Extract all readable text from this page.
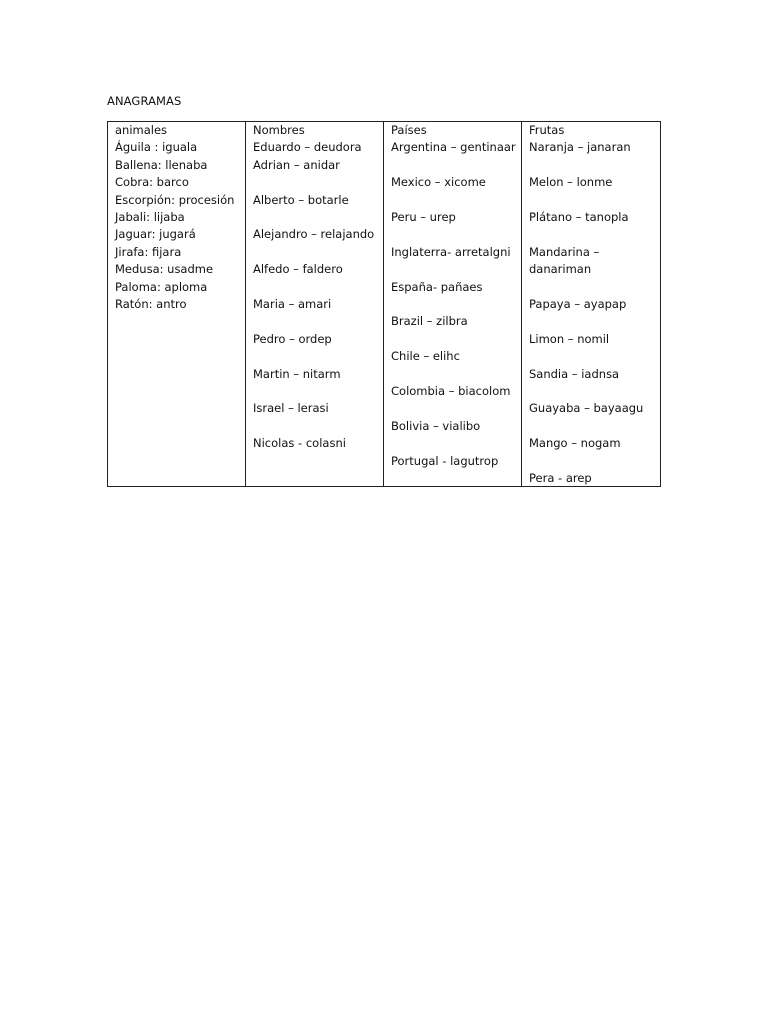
ANAGRAMAS
animales
Águila : iguala
Ballena: llenaba
Cobra: barco
Escorpión: procesión
Jabali: lijaba
Jaguar: jugará
Jirafa: fijara
Medusa: usadme
Paloma: aploma
Ratón: antro
Nombres
Eduardo – deudora
Adrian – anidar
Alberto – botarle
Alejandro – relajando
Alfedo – faldero
Maria – amari
Pedro – ordep
Martin – nitarm
Israel – lerasi
Nicolas - colasni
Países
Argentina – gentinaar
Mexico – xicome
Peru – urep
Inglaterra- arretalgni
España- pañaes
Brazil – zilbra
Chile – elihc
Colombia – biacolom
Bolivia – vialibo
Portugal - lagutrop
Frutas
Naranja – janaran
Melon – lonme
Plátano – tanopla
Mandarina – danariman
Papaya – ayapap
Limon – nomil
Sandia – iadnsa
Guayaba – bayaagu
Mango – nogam
Pera - arep
